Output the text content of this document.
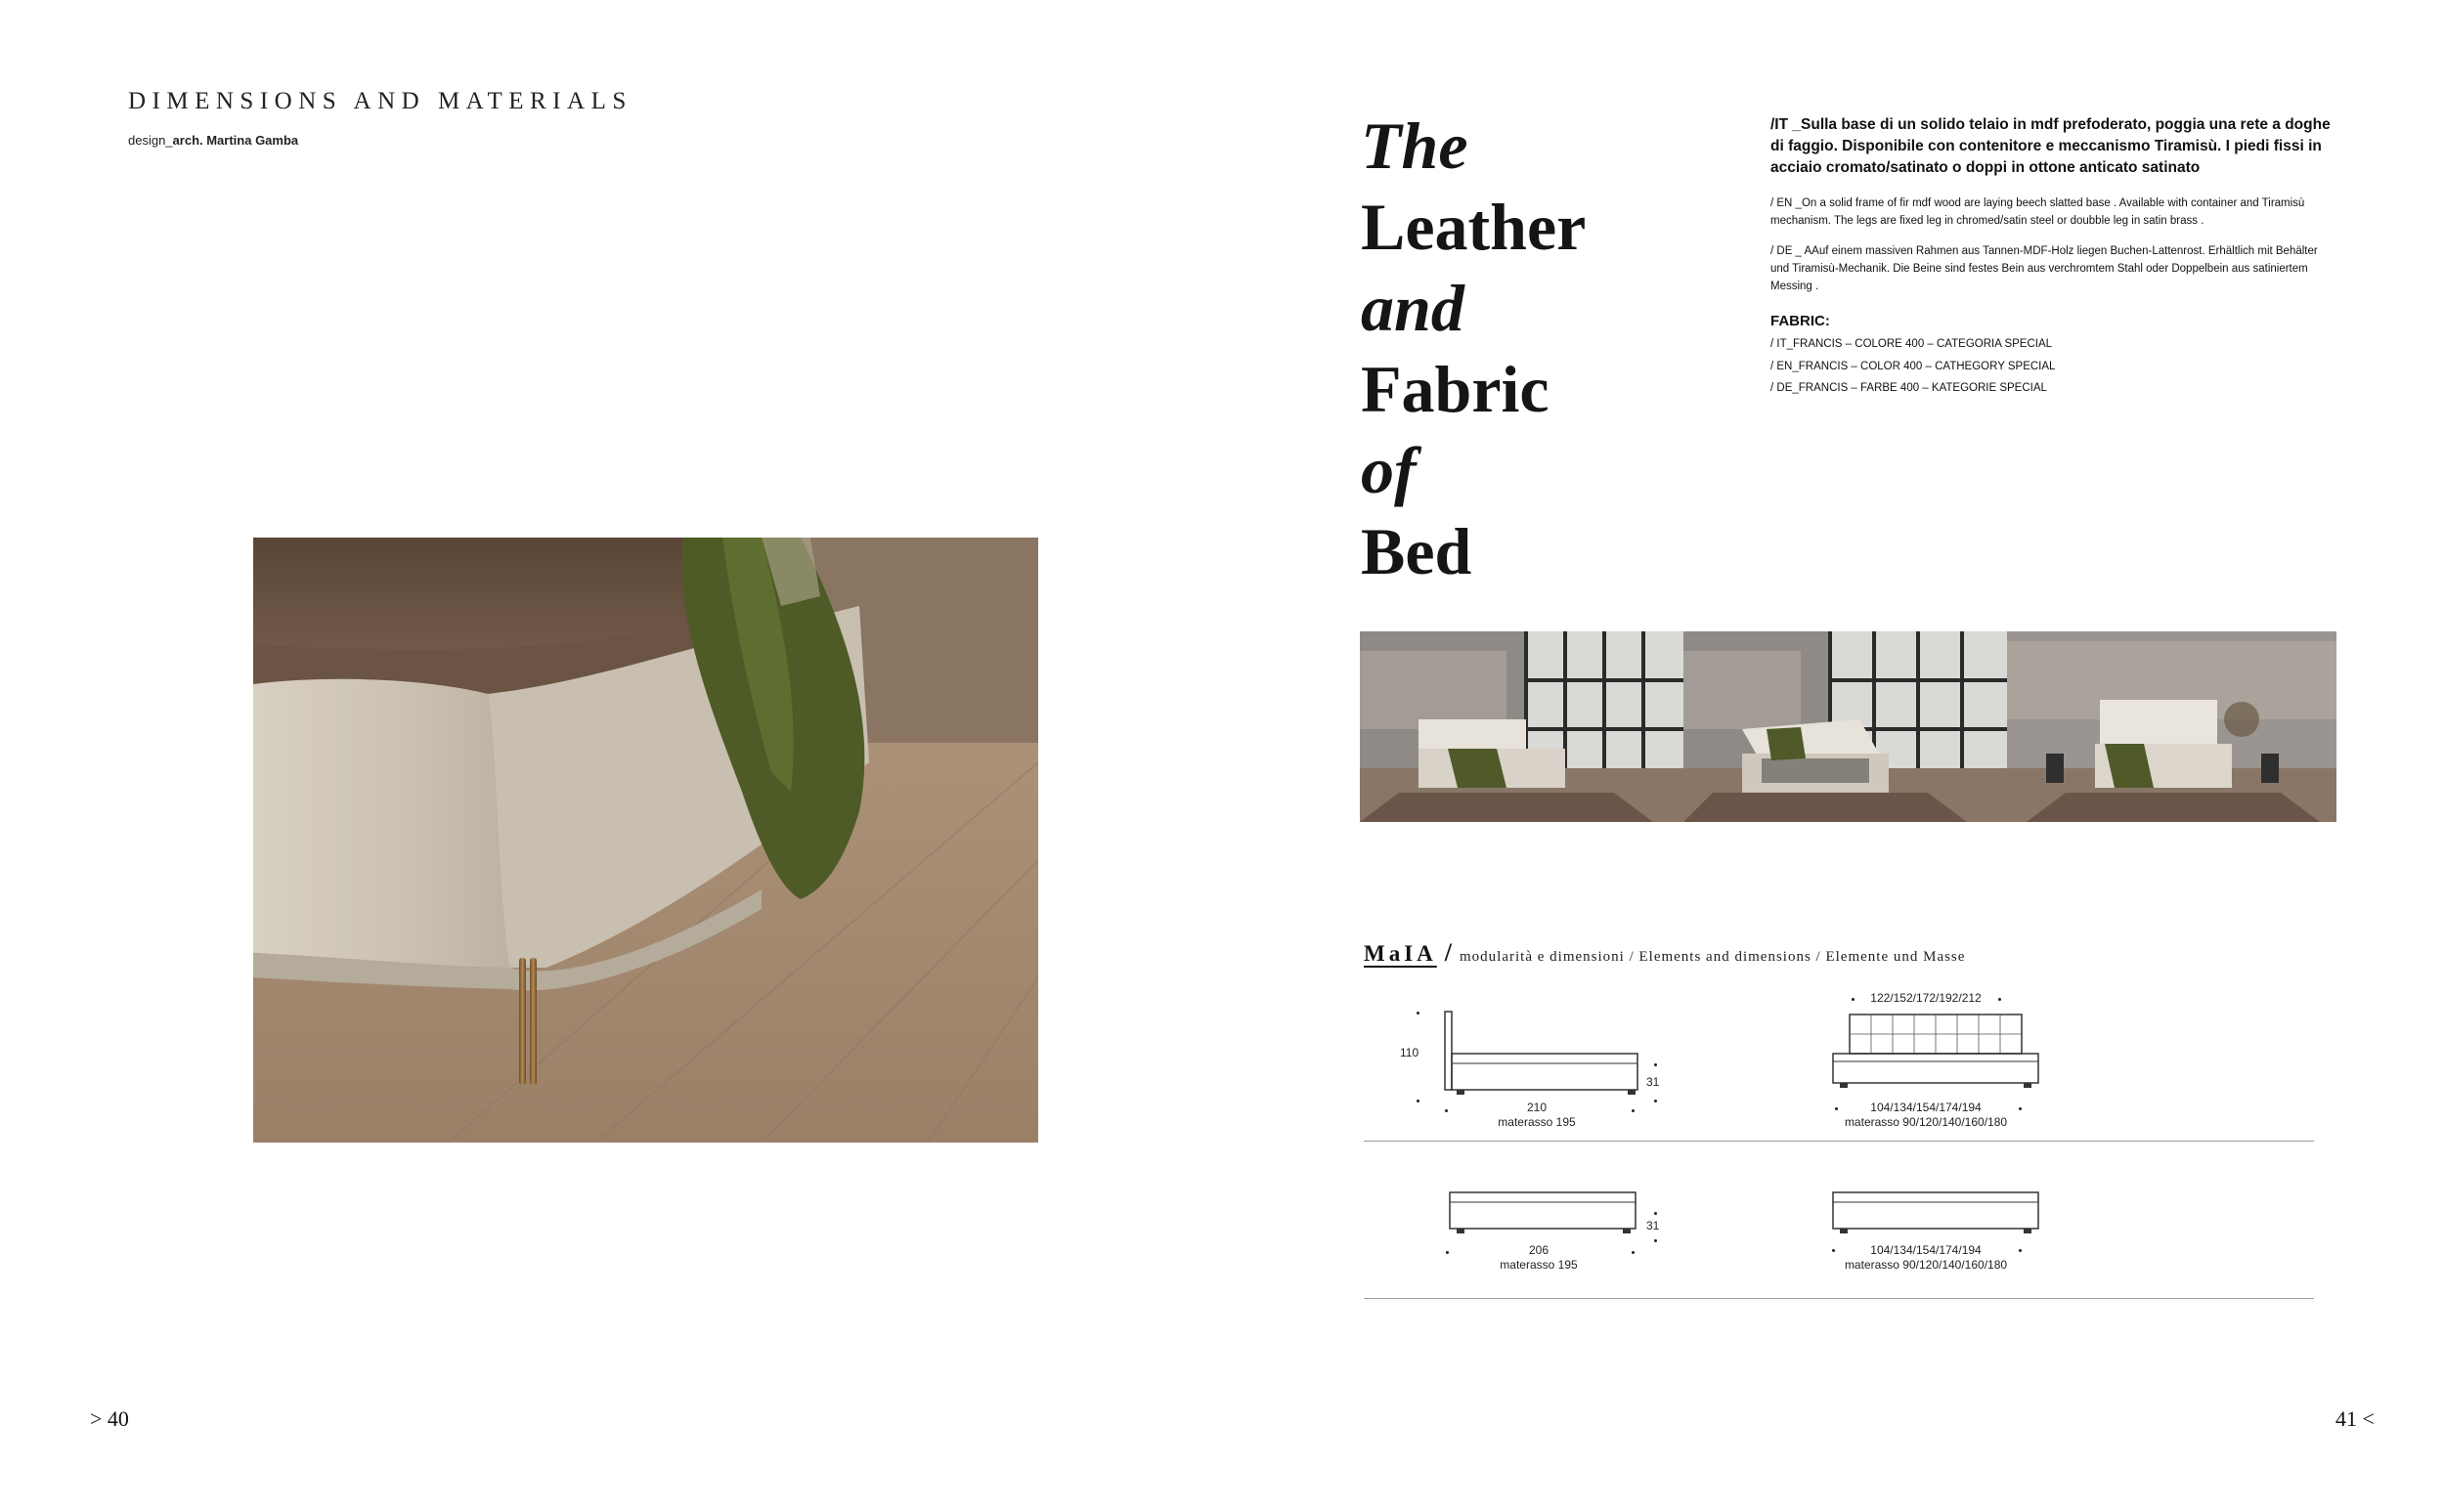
DIMENSIONS AND MATERIALS
design_arch. Martina Gamba
> 40
The
Leather
and
Fabric
of
Bed

/IT _Sulla base di un solido telaio in mdf prefoderato, poggia una rete a doghe di faggio. Disponibile con contenitore e meccanismo Tiramisù. I piedi fissi in acciaio cromato/satinato o doppi in ottone anticato satinato

/ EN _On a solid frame of fir mdf wood are laying beech slatted base . Available with container and Tiramisù mechanism. The legs are fixed leg in chromed/satin steel or doubble leg in satin brass .

/ DE _ AAuf einem massiven Rahmen aus Tannen-MDF-Holz liegen Buchen-Lattenrost. Erhältlich mit Behälter und Tiramisù-Mechanik. Die Beine sind festes Bein aus verchromtem Stahl oder Doppelbein aus satiniertem Messing .

FABRIC:
/ IT_FRANCIS – COLORE 400 – CATEGORIA SPECIAL
/ EN_FRANCIS – COLOR 400 – CATHEGORY SPECIAL
/ DE_FRANCIS – FARBE 400 – KATEGORIE SPECIAL
MaIA / modularità e dimensioni / Elements and dimensions / Elemente und Masse
110
31
210
materasso 195
122/152/172/192/212
104/134/154/174/194
materasso 90/120/140/160/180
31
206
materasso 195
104/134/154/174/194
materasso 90/120/140/160/180
41 <
